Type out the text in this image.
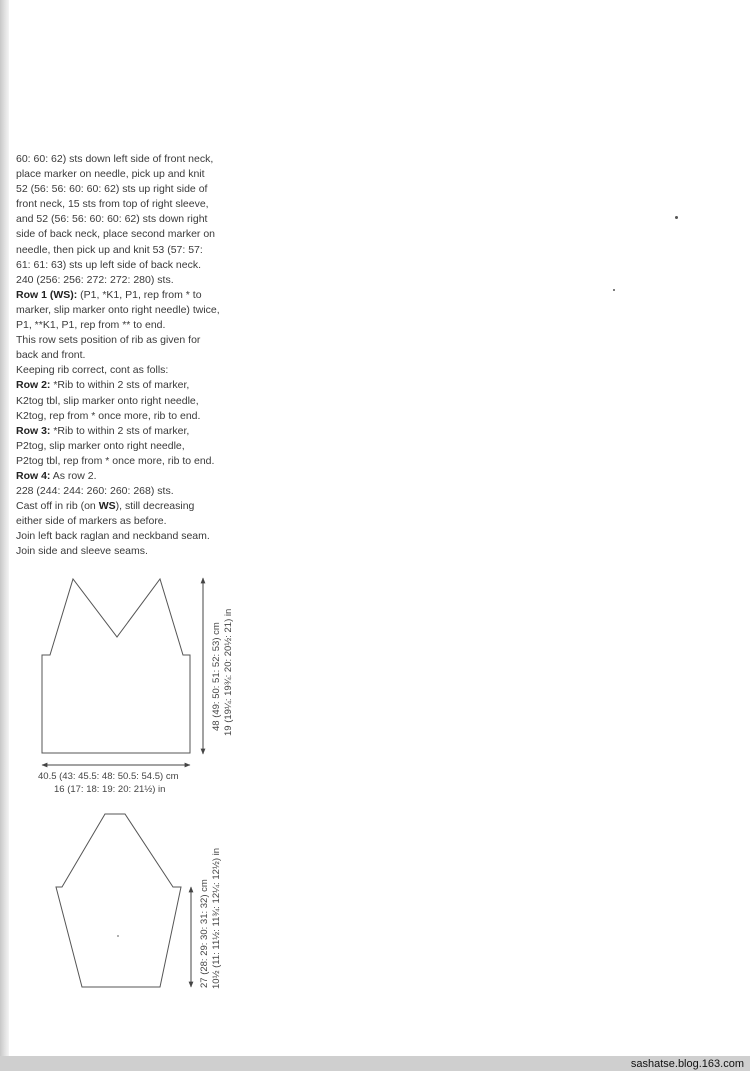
60: 60: 62) sts down left side of front neck,
place marker on needle, pick up and knit
52 (56: 56: 60: 60: 62) sts up right side of
front neck, 15 sts from top of right sleeve,
and 52 (56: 56: 60: 60: 62) sts down right
side of back neck, place second marker on
needle, then pick up and knit 53 (57: 57:
61: 61: 63) sts up left side of back neck.
240 (256: 256: 272: 272: 280) sts.
Row 1 (WS): (P1, *K1, P1, rep from * to
marker, slip marker onto right needle) twice,
P1, **K1, P1, rep from ** to end.
This row sets position of rib as given for
back and front.
Keeping rib correct, cont as folls:
Row 2: *Rib to within 2 sts of marker,
K2tog tbl, slip marker onto right needle,
K2tog, rep from * once more, rib to end.
Row 3: *Rib to within 2 sts of marker,
P2tog, slip marker onto right needle,
P2tog tbl, rep from * once more, rib to end.
Row 4: As row 2.
228 (244: 244: 260: 260: 268) sts.
Cast off in rib (on WS), still decreasing
either side of markers as before.
Join left back raglan and neckband seam.
Join side and sleeve seams.
40.5 (43: 45.5: 48: 50.5: 54.5) cm
16 (17: 18: 19: 20: 21½) in
48 (49: 50: 51: 52: 53) cm 19 (19¼: 19¾: 20: 20½: 21) in
27 (28: 29: 30: 31: 32) cm 10½ (11: 11½: 11¾: 12¼: 12½) in
sashatse.blog.163.com
